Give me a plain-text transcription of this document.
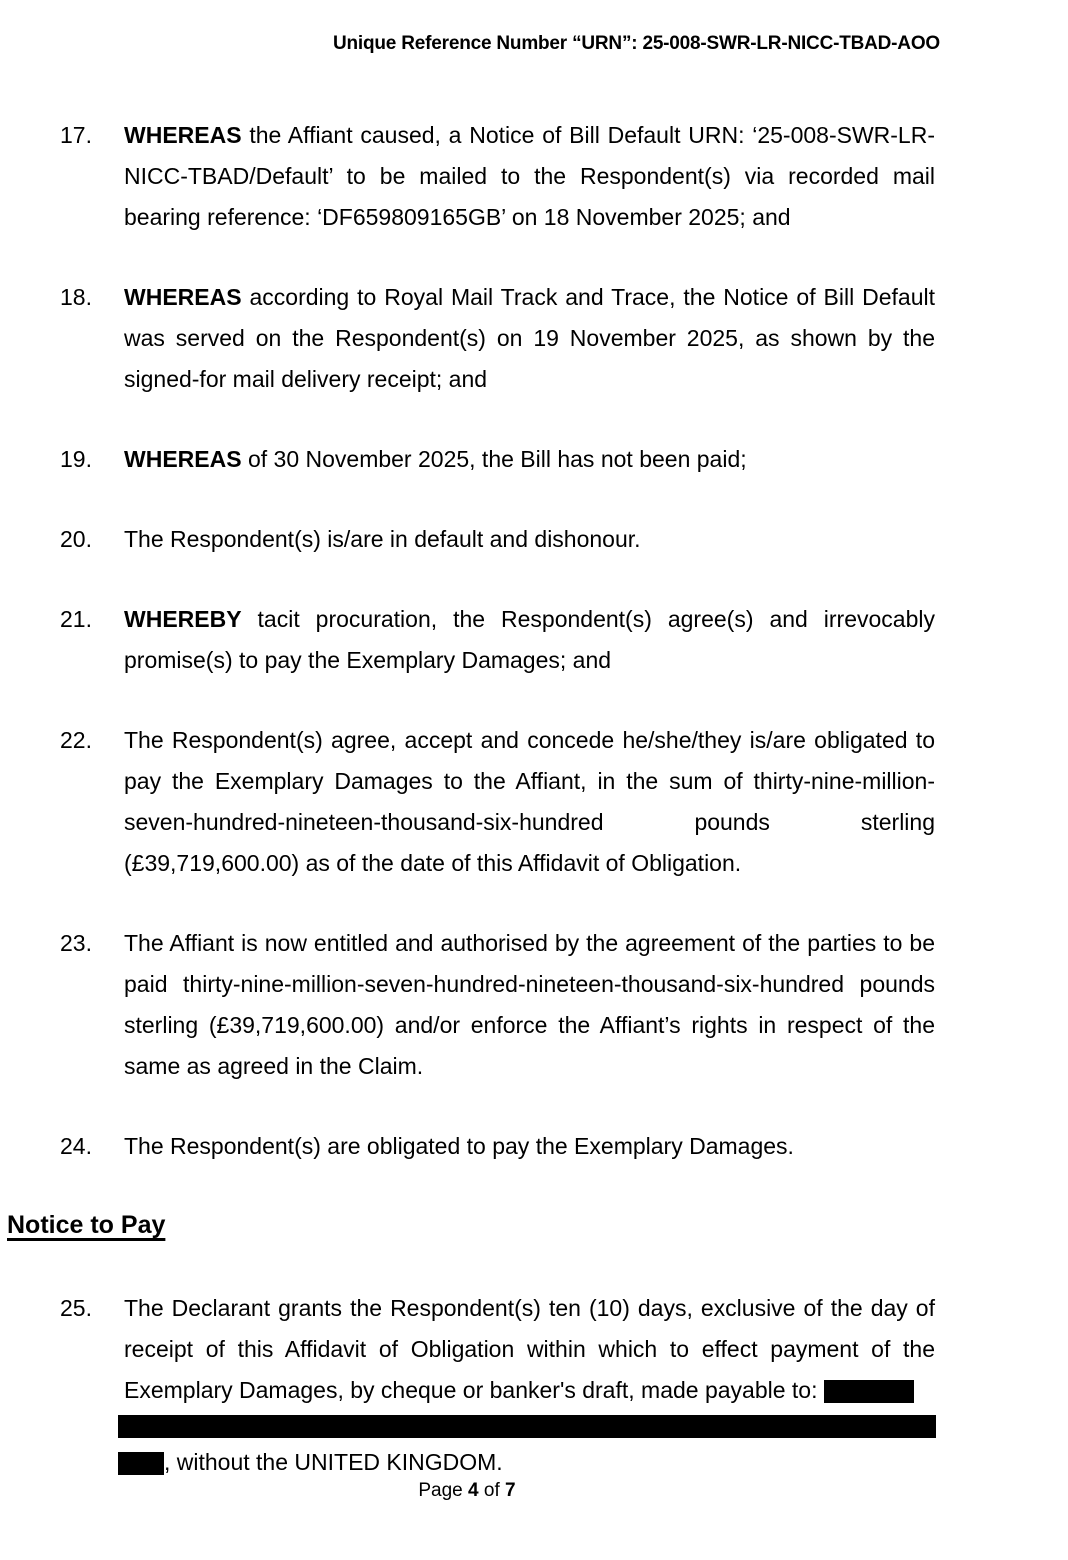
Unique Reference Number “URN”: 25-008-SWR-LR-NICC-TBAD-AOO
17.	WHEREAS the Affiant caused, a Notice of Bill Default URN: ‘25-008-SWR-LR-NICC-TBAD/Default’ to be mailed to the Respondent(s) via recorded mail bearing reference: ‘DF659809165GB’ on 18 November 2025; and
18.	WHEREAS according to Royal Mail Track and Trace, the Notice of Bill Default was served on the Respondent(s) on 19 November 2025, as shown by the signed-for mail delivery receipt; and
19.	WHEREAS of 30 November 2025, the Bill has not been paid;
20.	The Respondent(s) is/are in default and dishonour.
21.	WHEREBY tacit procuration, the Respondent(s) agree(s) and irrevocably promise(s) to pay the Exemplary Damages; and
22.	The Respondent(s) agree, accept and concede he/she/they is/are obligated to pay the Exemplary Damages to the Affiant, in the sum of thirty-nine-million-seven-hundred-nineteen-thousand-six-hundred pounds sterling (£39,719,600.00) as of the date of this Affidavit of Obligation.
23.	The Affiant is now entitled and authorised by the agreement of the parties to be paid thirty-nine-million-seven-hundred-nineteen-thousand-six-hundred pounds sterling (£39,719,600.00) and/or enforce the Affiant’s rights in respect of the same as agreed in the Claim.
24.	The Respondent(s) are obligated to pay the Exemplary Damages.
Notice to Pay
25.	The Declarant grants the Respondent(s) ten (10) days, exclusive of the day of receipt of this Affidavit of Obligation within which to effect payment of the Exemplary Damages, by cheque or banker's draft, made payable to:
, without the UNITED KINGDOM.
Page 4 of 7
